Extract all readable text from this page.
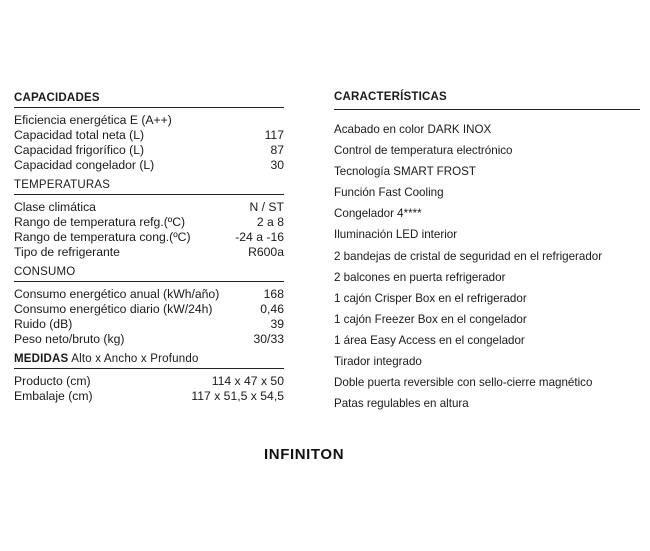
CAPACIDADES
Eficiencia energética E (A++)
Capacidad total neta (L)	117
Capacidad frigorífico (L)	87
Capacidad congelador (L)	30
TEMPERATURAS
Clase climática	N / ST
Rango de temperatura refg.(ºC)	2 a 8
Rango de temperatura cong.(ºC)	-24 a -16
Tipo de refrigerante	R600a
CONSUMO
Consumo energético anual (kWh/año)	168
Consumo energético diario (kW/24h)	0,46
Ruido (dB)	39
Peso neto/bruto (kg)	30/33
MEDIDAS Alto x Ancho x Profundo
Producto (cm)	114 x 47 x 50
Embalaje (cm)	117 x 51,5 x 54,5
CARACTERÍSTICAS
Acabado en color DARK INOX
Control de temperatura electrónico
Tecnología SMART FROST
Función Fast Cooling
Congelador 4****
Iluminación LED interior
2 bandejas de cristal de seguridad en el refrigerador
2 balcones en puerta refrigerador
1 cajón Crisper Box en el refrigerador
1 cajón Freezer Box en el congelador
1 área Easy Access en el congelador
Tirador integrado
Doble puerta reversible con sello-cierre magnético
Patas regulables en altura
INFINITON
